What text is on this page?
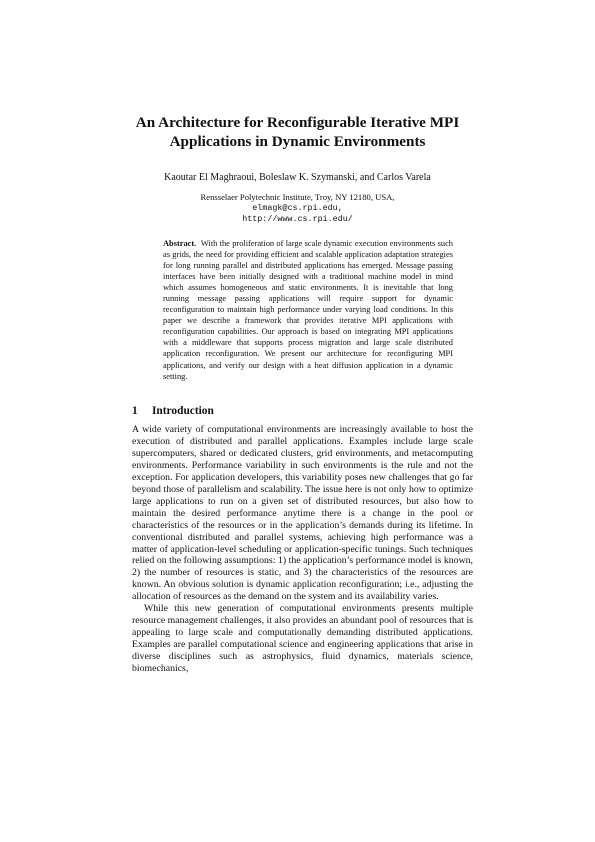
An Architecture for Reconfigurable Iterative MPI
Applications in Dynamic Environments
Kaoutar El Maghraoui, Boleslaw K. Szymanski, and Carlos Varela
Rensselaer Polytechnic Institute, Troy, NY 12180, USA,
elmagk@cs.rpi.edu,
http://www.cs.rpi.edu/
Abstract. With the proliferation of large scale dynamic execution environments such as grids, the need for providing efficient and scalable application adaptation strategies for long running parallel and distributed applications has emerged. Message passing interfaces have been initially designed with a traditional machine model in mind which assumes homogeneous and static environments. It is inevitable that long running message passing applications will require support for dynamic reconfiguration to maintain high performance under varying load conditions. In this paper we describe a framework that provides iterative MPI applications with reconfiguration capabilities. Our approach is based on integrating MPI applications with a middleware that supports process migration and large scale distributed application reconfiguration. We present our architecture for reconfiguring MPI applications, and verify our design with a heat diffusion application in a dynamic setting.
1 Introduction

A wide variety of computational environments are increasingly available to host the execution of distributed and parallel applications. Examples include large scale supercomputers, shared or dedicated clusters, grid environments, and metacomputing environments. Performance variability in such environments is the rule and not the exception. For application developers, this variability poses new challenges that go far beyond those of parallelism and scalability. The issue here is not only how to optimize large applications to run on a given set of distributed resources, but also how to maintain the desired performance anytime there is a change in the pool or characteristics of the resources or in the application’s demands during its lifetime. In conventional distributed and parallel systems, achieving high performance was a matter of application-level scheduling or application-specific tunings. Such techniques relied on the following assumptions: 1) the application’s performance model is known, 2) the number of resources is static, and 3) the characteristics of the resources are known. An obvious solution is dynamic application reconfiguration; i.e., adjusting the allocation of resources as the demand on the system and its availability varies.

While this new generation of computational environments presents multiple resource management challenges, it also provides an abundant pool of resources that is appealing to large scale and computationally demanding distributed applications. Examples are parallel computational science and engineering applications that arise in diverse disciplines such as astrophysics, fluid dynamics, materials science, biomechanics,
